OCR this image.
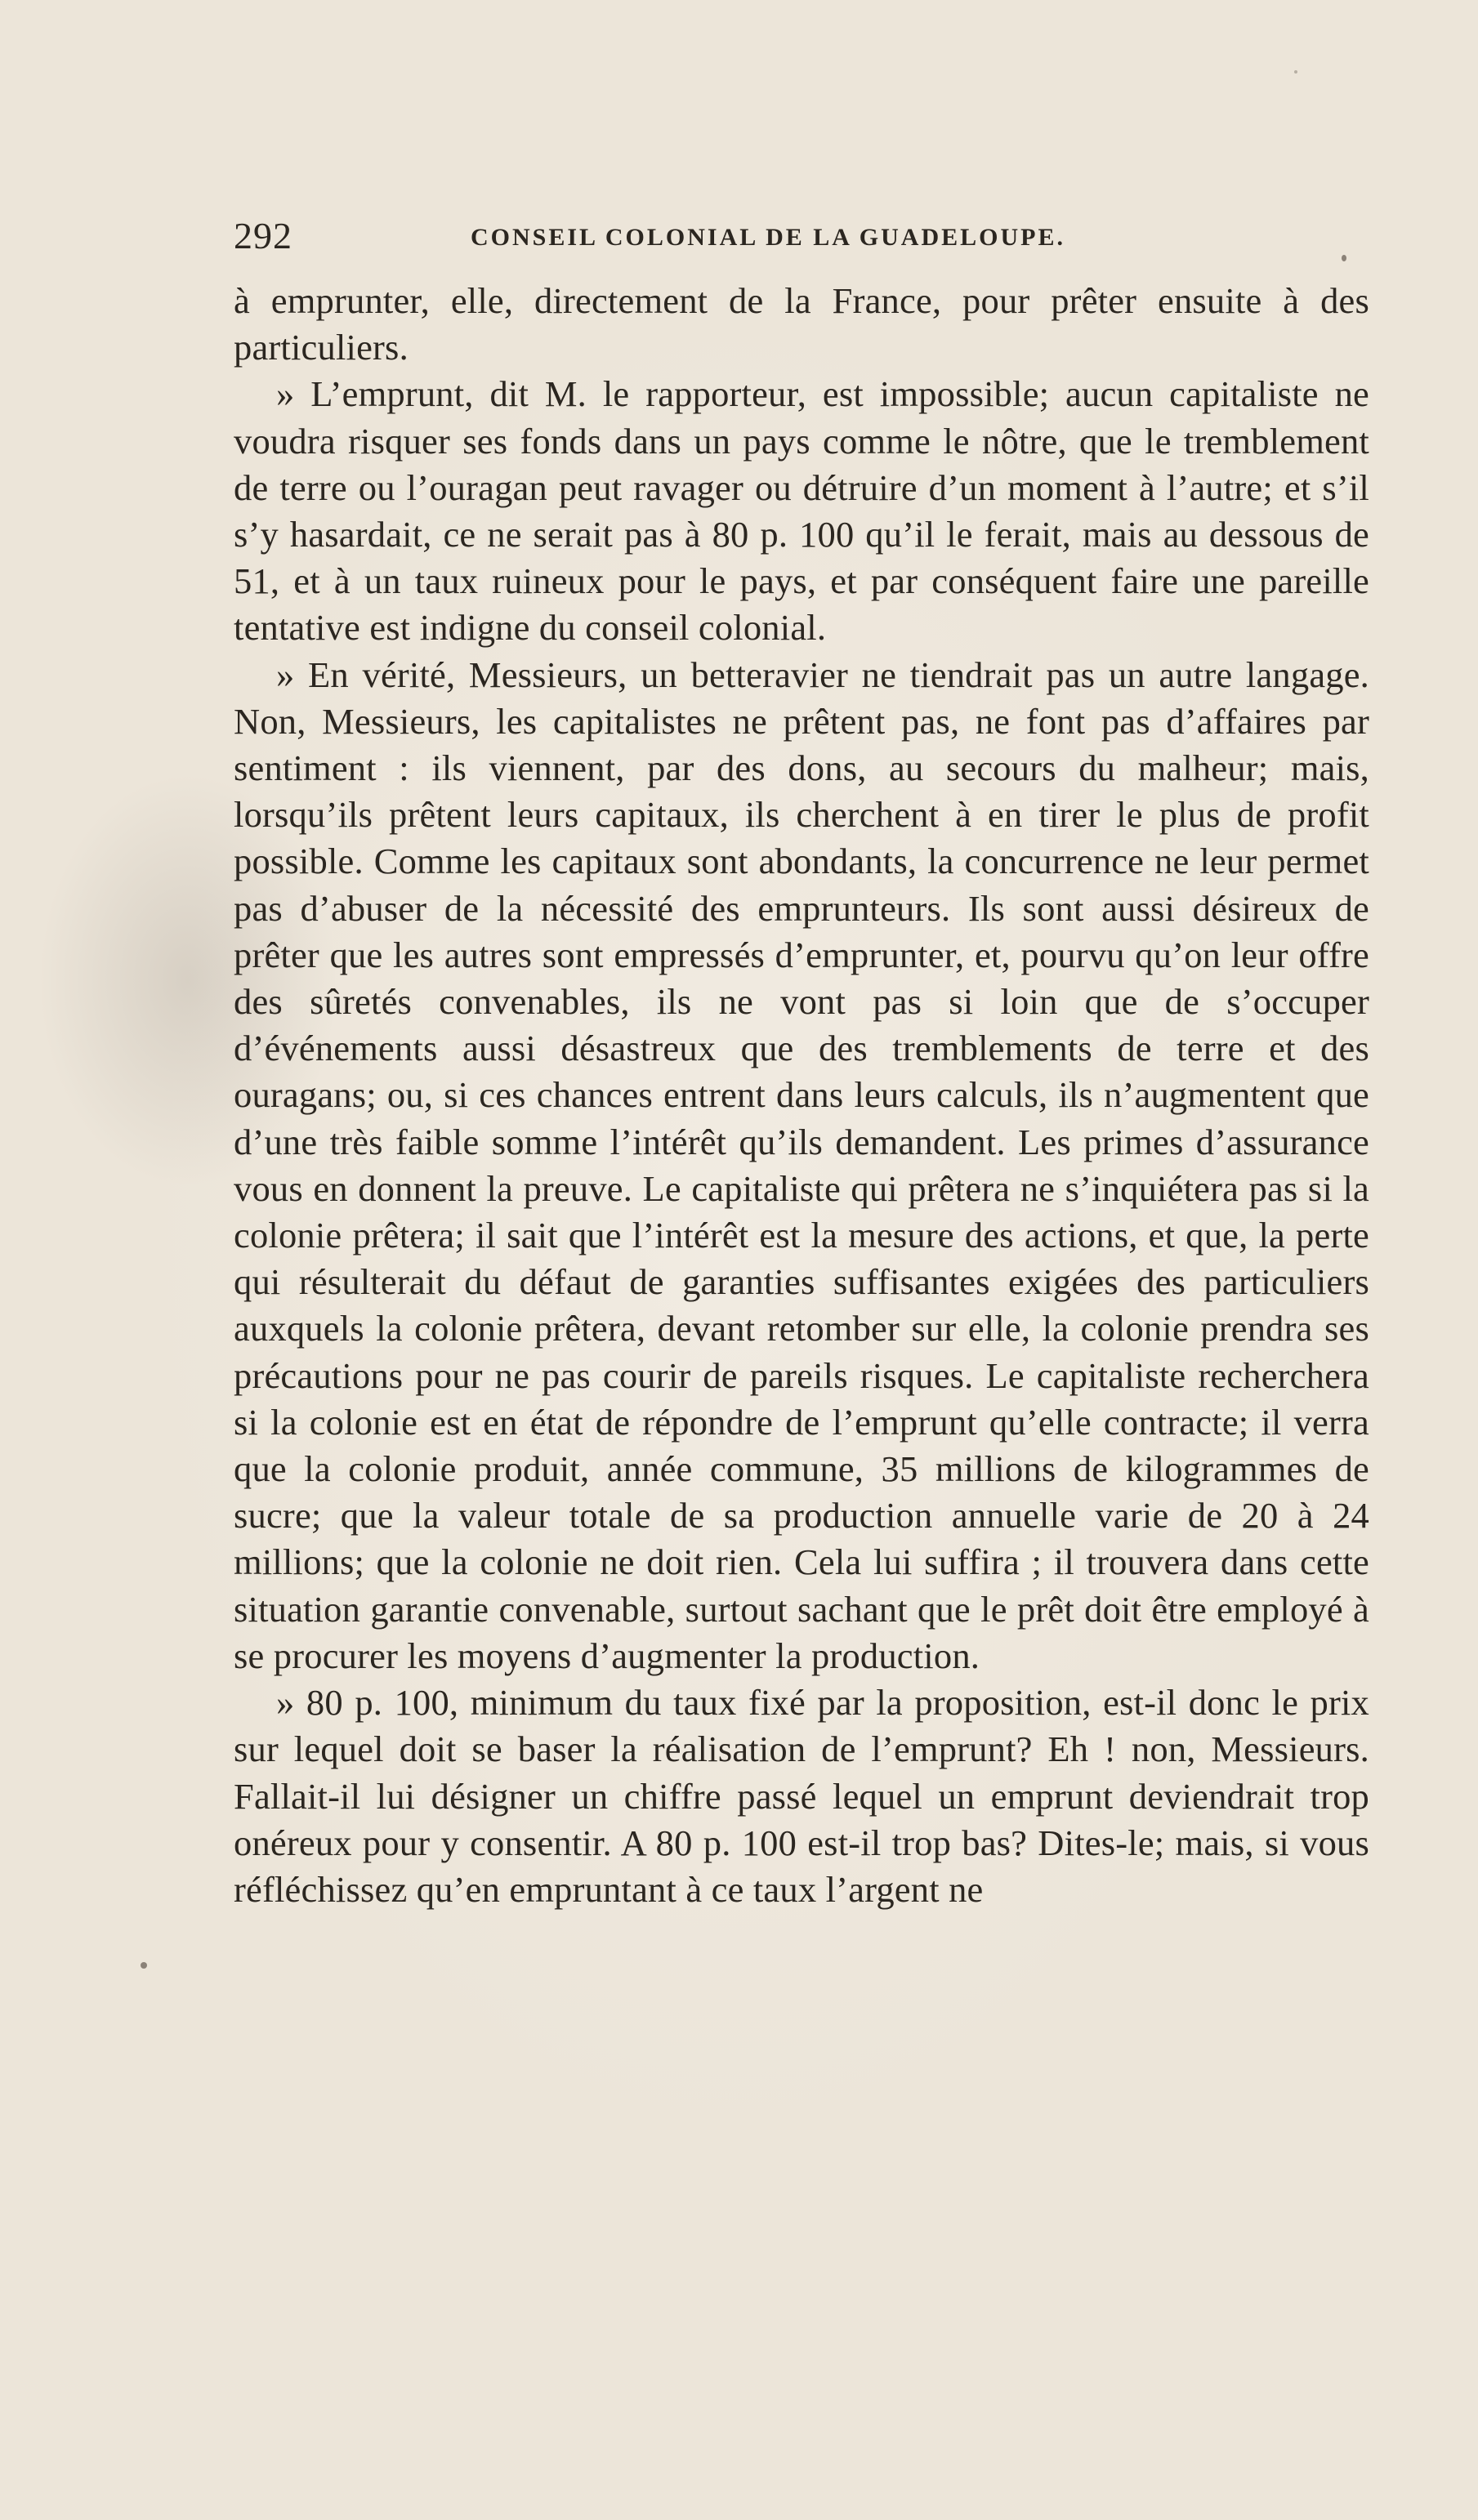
292	CONSEIL COLONIAL DE LA GUADELOUPE.

à emprunter, elle, directement de la France, pour prêter ensuite à des particuliers.

» L’emprunt, dit M. le rapporteur, est impossible; aucun capitaliste ne voudra risquer ses fonds dans un pays comme le nôtre, que le tremblement de terre ou l’ouragan peut ravager ou détruire d’un moment à l’autre; et s’il s’y hasardait, ce ne serait pas à 80 p. 100 qu’il le ferait, mais au dessous de 51, et à un taux ruineux pour le pays, et par conséquent faire une pareille tentative est indigne du conseil colonial.

» En vérité, Messieurs, un betteravier ne tiendrait pas un autre langage. Non, Messieurs, les capitalistes ne prêtent pas, ne font pas d’affaires par sentiment : ils viennent, par des dons, au secours du malheur; mais, lorsqu’ils prêtent leurs capitaux, ils cherchent à en tirer le plus de profit possible. Comme les capitaux sont abondants, la concurrence ne leur permet pas d’abuser de la nécessité des emprunteurs. Ils sont aussi désireux de prêter que les autres sont empressés d’emprunter, et, pourvu qu’on leur offre des sûretés convenables, ils ne vont pas si loin que de s’occuper d’événements aussi désastreux que des tremblements de terre et des ouragans; ou, si ces chances entrent dans leurs calculs, ils n’augmentent que d’une très faible somme l’intérêt qu’ils demandent. Les primes d’assurance vous en donnent la preuve. Le capitaliste qui prêtera ne s’inquiétera pas si la colonie prêtera; il sait que l’intérêt est la mesure des actions, et que, la perte qui résulterait du défaut de garanties suffisantes exigées des particuliers auxquels la colonie prêtera, devant retomber sur elle, la colonie prendra ses précautions pour ne pas courir de pareils risques. Le capitaliste recherchera si la colonie est en état de répondre de l’emprunt qu’elle contracte; il verra que la colonie produit, année commune, 35 millions de kilogrammes de sucre; que la valeur totale de sa production annuelle varie de 20 à 24 millions; que la colonie ne doit rien. Cela lui suffira ; il trouvera dans cette situation garantie convenable, surtout sachant que le prêt doit être employé à se procurer les moyens d’augmenter la production.

» 80 p. 100, minimum du taux fixé par la proposition, est-il donc le prix sur lequel doit se baser la réalisation de l’emprunt? Eh ! non, Messieurs. Fallait-il lui désigner un chiffre passé lequel un emprunt deviendrait trop onéreux pour y consentir. A 80 p. 100 est-il trop bas? Dites-le; mais, si vous réfléchissez qu’en empruntant à ce taux l’argent ne
